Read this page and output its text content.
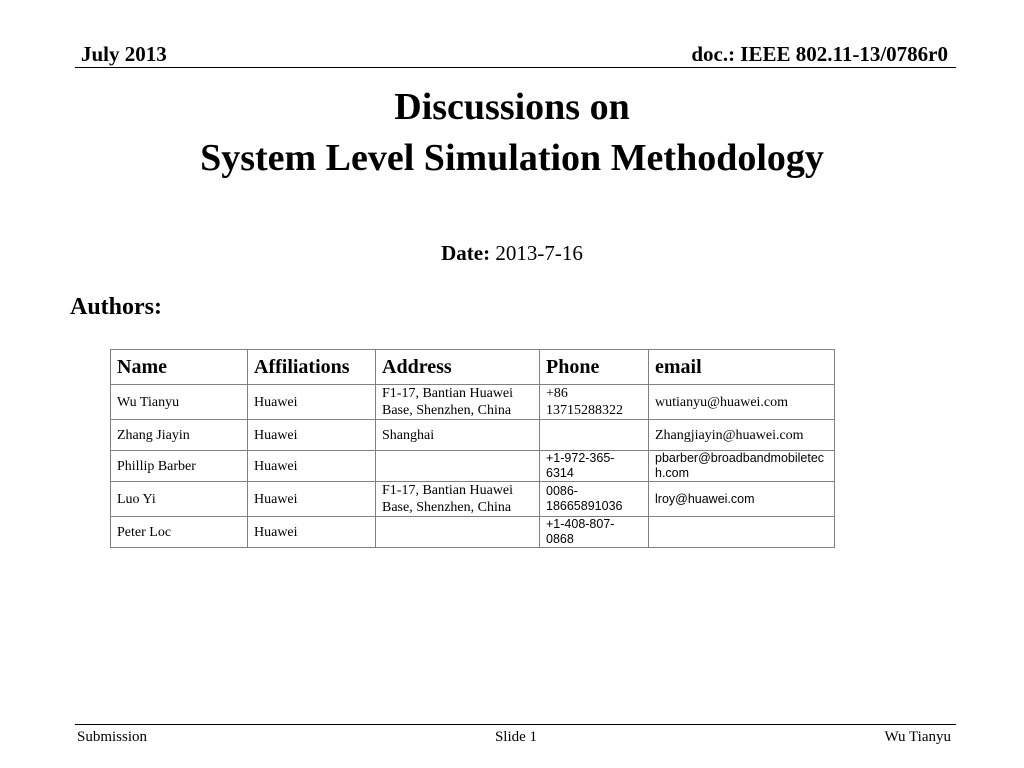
July 2013	doc.: IEEE 802.11-13/0786r0
Discussions on
System Level Simulation Methodology
Date: 2013-7-16
Authors:
Name	Affiliations	Address	Phone	email
Wu Tianyu	Huawei	F1-17, Bantian Huawei Base, Shenzhen, China	+86 13715288322	wutianyu@huawei.com
Zhang Jiayin	Huawei	Shanghai		Zhangjiayin@huawei.com
Phillip Barber	Huawei		+1-972-365-6314	pbarber@broadbandmobiletech.com
Luo Yi	Huawei	F1-17, Bantian Huawei Base, Shenzhen, China	0086-18665891036	lroy@huawei.com
Peter Loc	Huawei		+1-408-807-0868	
Submission	Slide 1	Wu Tianyu
